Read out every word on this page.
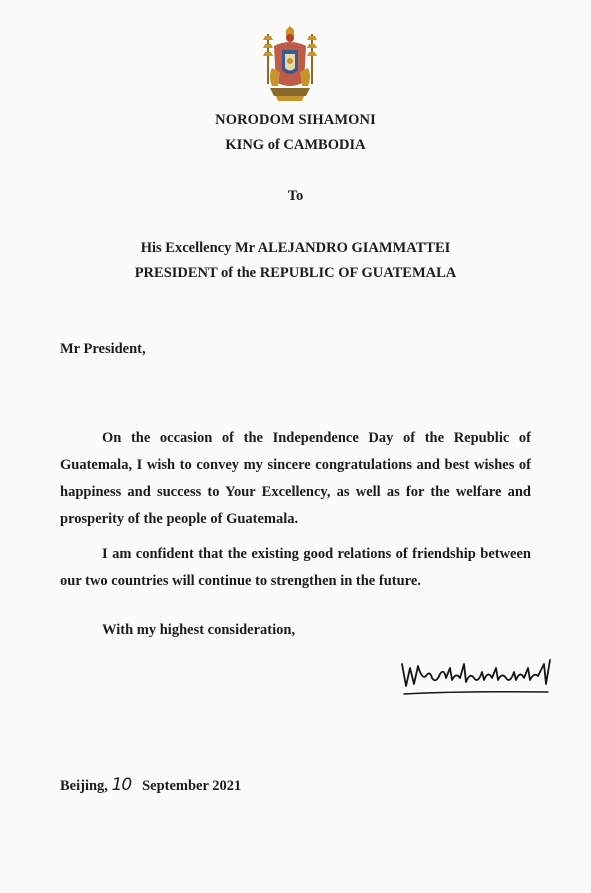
NORODOM SIHAMONI
KING of CAMBODIA
To
His Excellency Mr ALEJANDRO GIAMMATTEI
PRESIDENT of the REPUBLIC OF GUATEMALA
Mr President,

On the occasion of the Independence Day of the Republic of Guatemala, I wish to convey my sincere congratulations and best wishes of happiness and success to Your Excellency, as well as for the welfare and prosperity of the people of Guatemala.

I am confident that the existing good relations of friendship between our two countries will continue to strengthen in the future.

With my highest consideration,
Beijing, 10 September 2021
